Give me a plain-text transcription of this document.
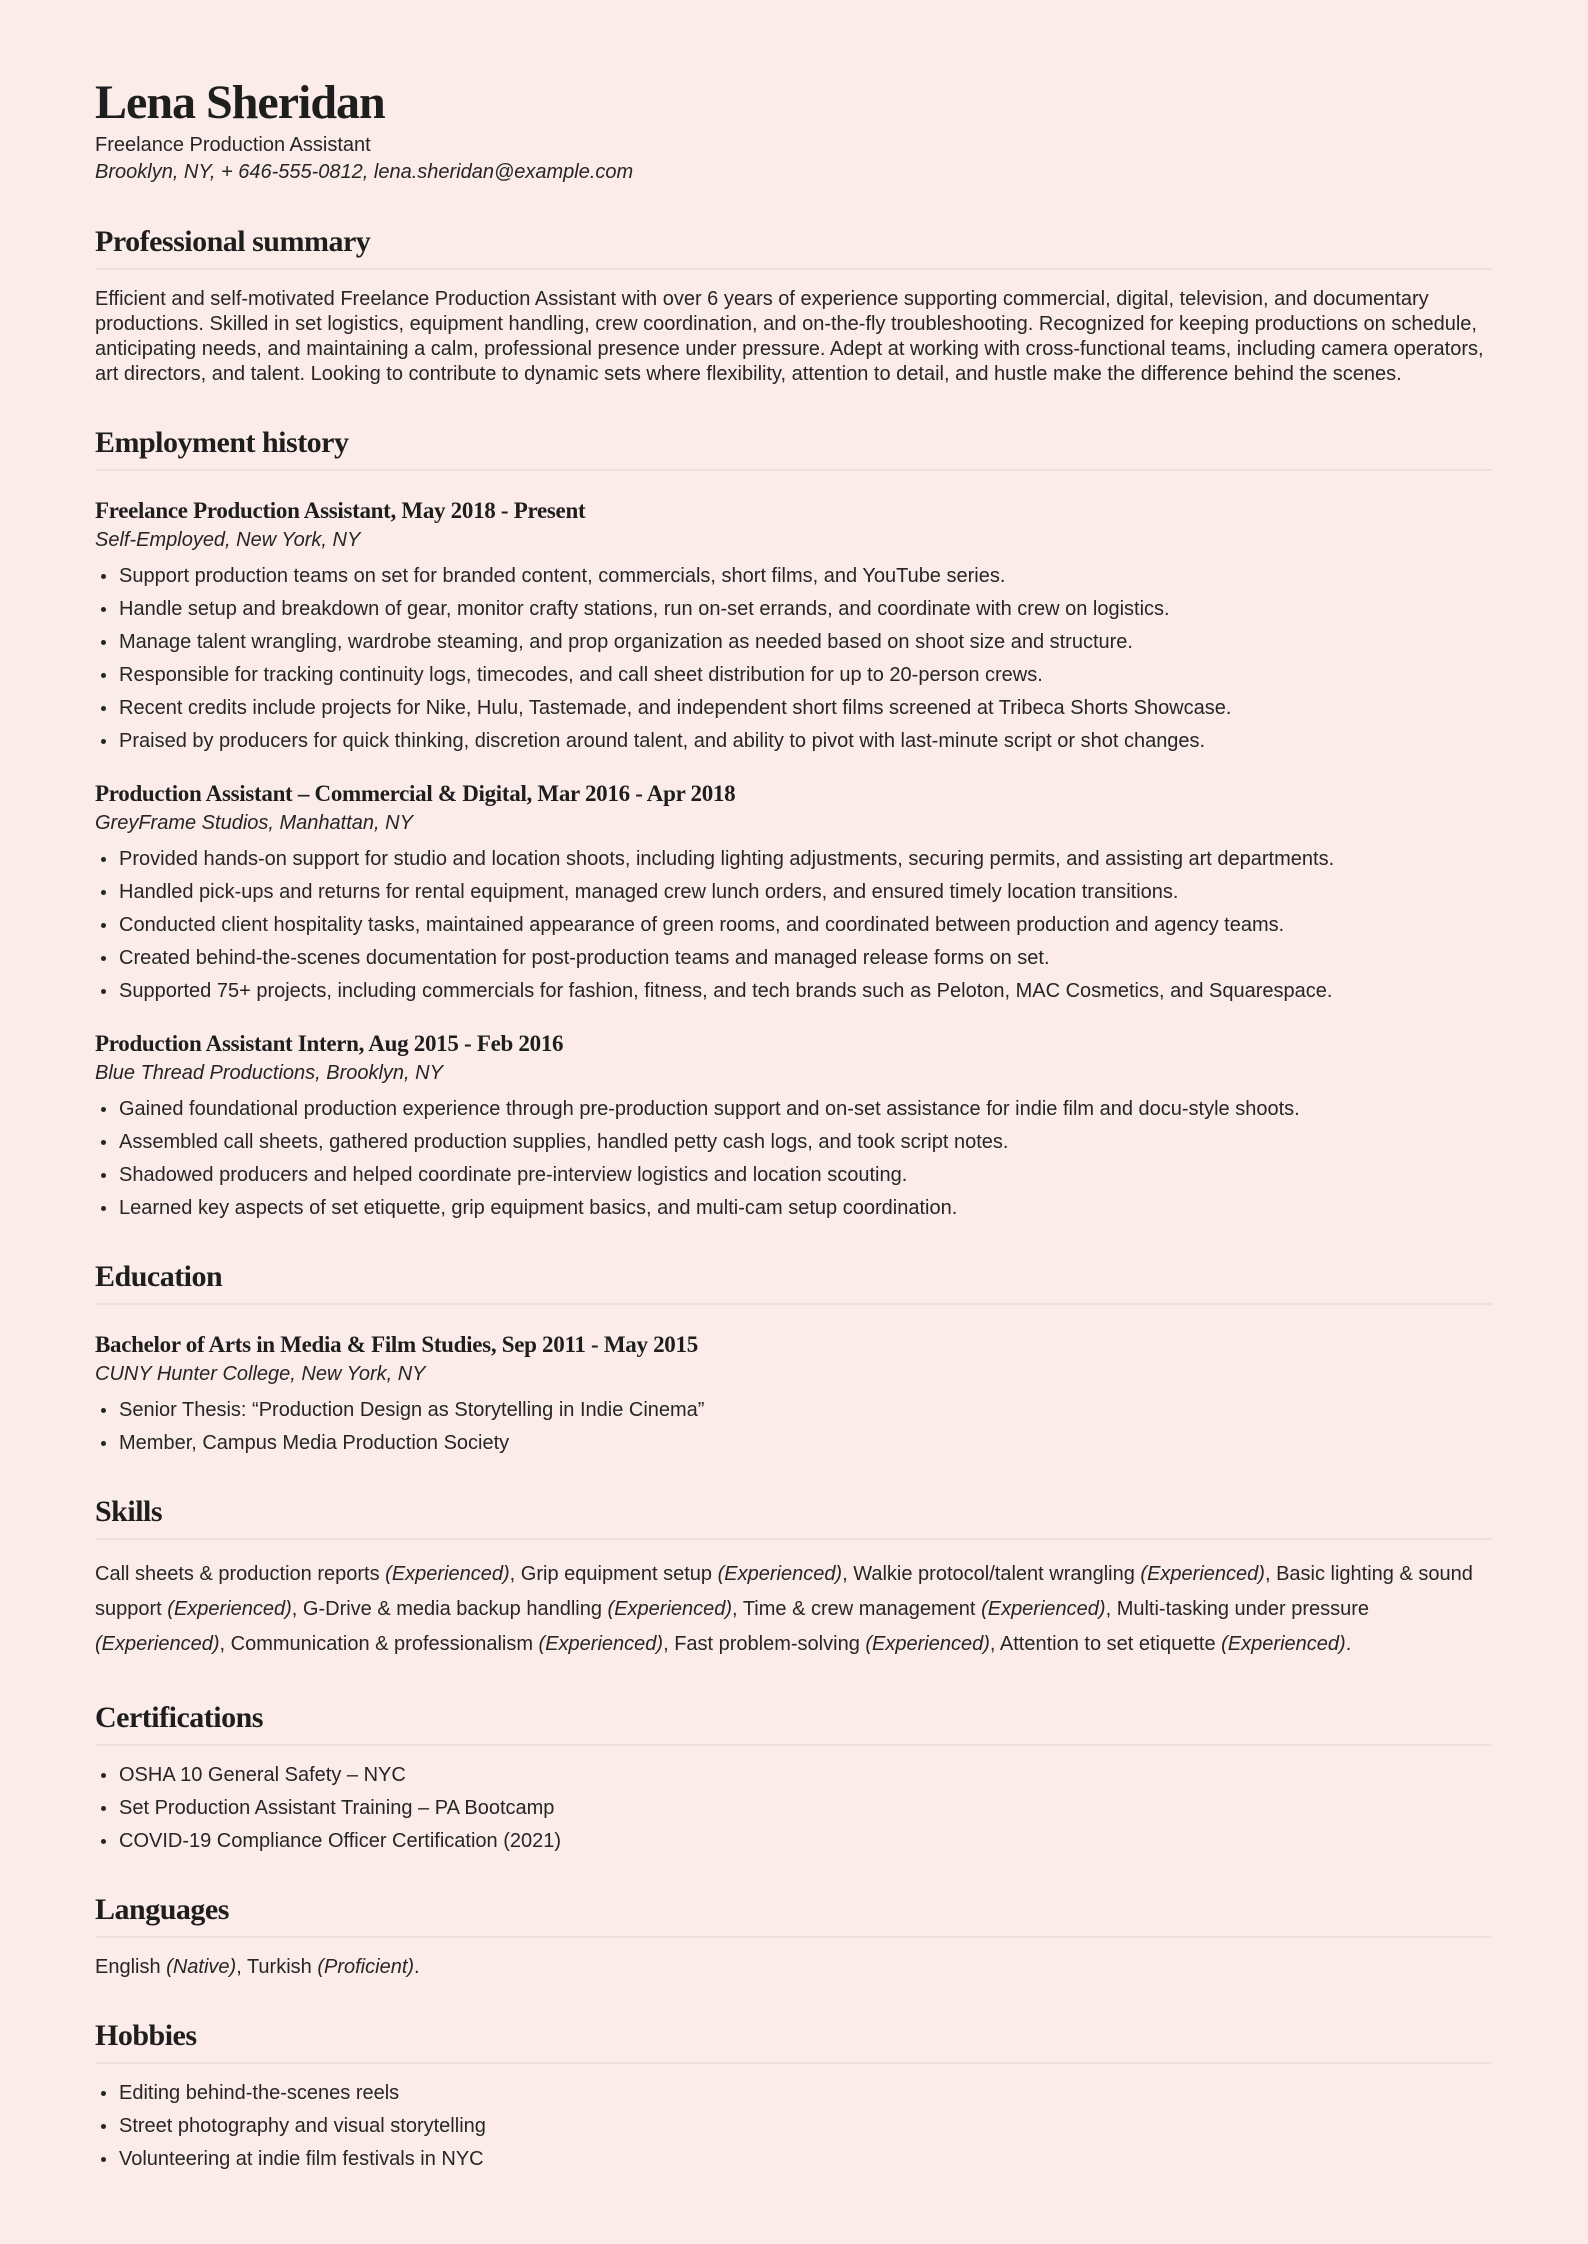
Lena Sheridan
Freelance Production Assistant
Brooklyn, NY, + 646-555-0812, lena.sheridan@example.com
Professional summary

Efficient and self-motivated Freelance Production Assistant with over 6 years of experience supporting commercial, digital, television, and documentary productions. Skilled in set logistics, equipment handling, crew coordination, and on-the-fly troubleshooting. Recognized for keeping productions on schedule, anticipating needs, and maintaining a calm, professional presence under pressure. Adept at working with cross-functional teams, including camera operators, art directors, and talent. Looking to contribute to dynamic sets where flexibility, attention to detail, and hustle make the difference behind the scenes.

Employment history
Freelance Production Assistant, May 2018 - Present
Self-Employed, New York, NY
Support production teams on set for branded content, commercials, short films, and YouTube series.
Handle setup and breakdown of gear, monitor crafty stations, run on-set errands, and coordinate with crew on logistics.
Manage talent wrangling, wardrobe steaming, and prop organization as needed based on shoot size and structure.
Responsible for tracking continuity logs, timecodes, and call sheet distribution for up to 20-person crews.
Recent credits include projects for Nike, Hulu, Tastemade, and independent short films screened at Tribeca Shorts Showcase.
Praised by producers for quick thinking, discretion around talent, and ability to pivot with last-minute script or shot changes.
Production Assistant – Commercial & Digital, Mar 2016 - Apr 2018
GreyFrame Studios, Manhattan, NY
Provided hands-on support for studio and location shoots, including lighting adjustments, securing permits, and assisting art departments.
Handled pick-ups and returns for rental equipment, managed crew lunch orders, and ensured timely location transitions.
Conducted client hospitality tasks, maintained appearance of green rooms, and coordinated between production and agency teams.
Created behind-the-scenes documentation for post-production teams and managed release forms on set.
Supported 75+ projects, including commercials for fashion, fitness, and tech brands such as Peloton, MAC Cosmetics, and Squarespace.
Production Assistant Intern, Aug 2015 - Feb 2016
Blue Thread Productions, Brooklyn, NY
Gained foundational production experience through pre-production support and on-set assistance for indie film and docu-style shoots.
Assembled call sheets, gathered production supplies, handled petty cash logs, and took script notes.
Shadowed producers and helped coordinate pre-interview logistics and location scouting.
Learned key aspects of set etiquette, grip equipment basics, and multi-cam setup coordination.
Education
Bachelor of Arts in Media & Film Studies, Sep 2011 - May 2015
CUNY Hunter College, New York, NY
Senior Thesis: “Production Design as Storytelling in Indie Cinema”
Member, Campus Media Production Society
Skills

Call sheets & production reports (Experienced), Grip equipment setup (Experienced), Walkie protocol/talent wrangling (Experienced), Basic lighting & sound support (Experienced), G-Drive & media backup handling (Experienced), Time & crew management (Experienced), Multi-tasking under pressure (Experienced), Communication & professionalism (Experienced), Fast problem-solving (Experienced), Attention to set etiquette (Experienced).

Certifications
OSHA 10 General Safety – NYC
Set Production Assistant Training – PA Bootcamp
COVID-19 Compliance Officer Certification (2021)
Languages

English (Native), Turkish (Proficient).

Hobbies
Editing behind-the-scenes reels
Street photography and visual storytelling
Volunteering at indie film festivals in NYC
